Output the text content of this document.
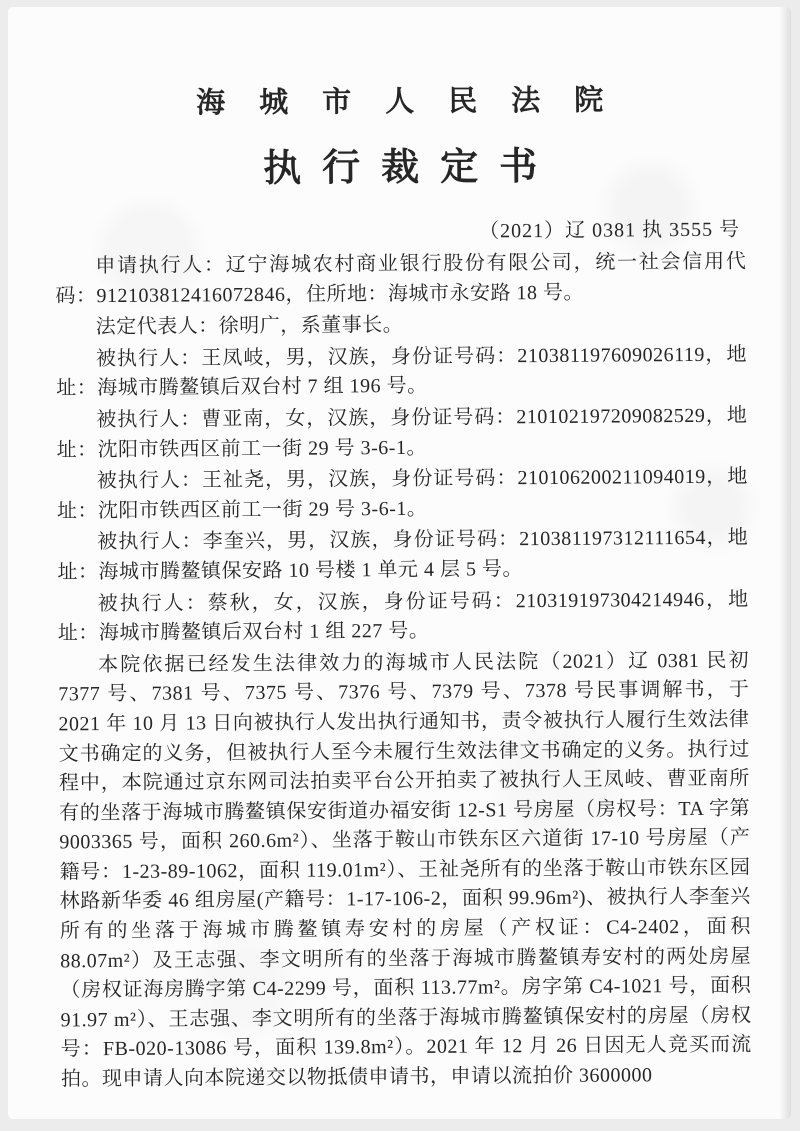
海城市人民法院
执行裁定书
（2021）辽 0381 执 3555 号

申请执行人：辽宁海城农村商业银行股份有限公司，统一社会信用代码：912103812416072846，住所地：海城市永安路 18 号。

法定代表人：徐明广，系董事长。

被执行人：王凤岐，男，汉族，身份证号码：210381197609026119，地址：海城市腾鳌镇后双台村 7 组 196 号。

被执行人：曹亚南，女，汉族，身份证号码：210102197209082529，地址：沈阳市铁西区前工一街 29 号 3-6-1。

被执行人：王祉尧，男，汉族，身份证号码：210106200211094019，地址：沈阳市铁西区前工一街 29 号 3-6-1。

被执行人：李奎兴，男，汉族，身份证号码：210381197312111654，地址：海城市腾鳌镇保安路 10 号楼 1 单元 4 层 5 号。

被执行人：蔡秋，女，汉族，身份证号码：210319197304214946，地址：海城市腾鳌镇后双台村 1 组 227 号。

本院依据已经发生法律效力的海城市人民法院（2021）辽 0381 民初 7377 号、7381 号、7375 号、7376 号、7379 号、7378 号民事调解书，于 2021 年 10 月 13 日向被执行人发出执行通知书，责令被执行人履行生效法律文书确定的义务，但被执行人至今未履行生效法律文书确定的义务。执行过程中，本院通过京东网司法拍卖平台公开拍卖了被执行人王凤岐、曹亚南所有的坐落于海城市腾鳌镇保安街道办福安街 12-S1 号房屋（房权号：TA 字第 9003365 号，面积 260.6m²）、坐落于鞍山市铁东区六道街 17-10 号房屋（产籍号：1-23-89-1062，面积 119.01m²）、王祉尧所有的坐落于鞍山市铁东区园林路新华委 46 组房屋(产籍号：1-17-106-2，面积 99.96m²)、被执行人李奎兴所有的坐落于海城市腾鳌镇寿安村的房屋（产权证：C4-2402，面积 88.07m²）及王志强、李文明所有的坐落于海城市腾鳌镇寿安村的两处房屋（房权证海房腾字第 C4-2299 号，面积 113.77m²。房字第 C4-1021 号，面积 91.97 m²）、王志强、李文明所有的坐落于海城市腾鳌镇保安村的房屋（房权号：FB-020-13086 号，面积 139.8m²）。2021 年 12 月 26 日因无人竞买而流拍。现申请人向本院递交以物抵债申请书，申请以流拍价 3600000
